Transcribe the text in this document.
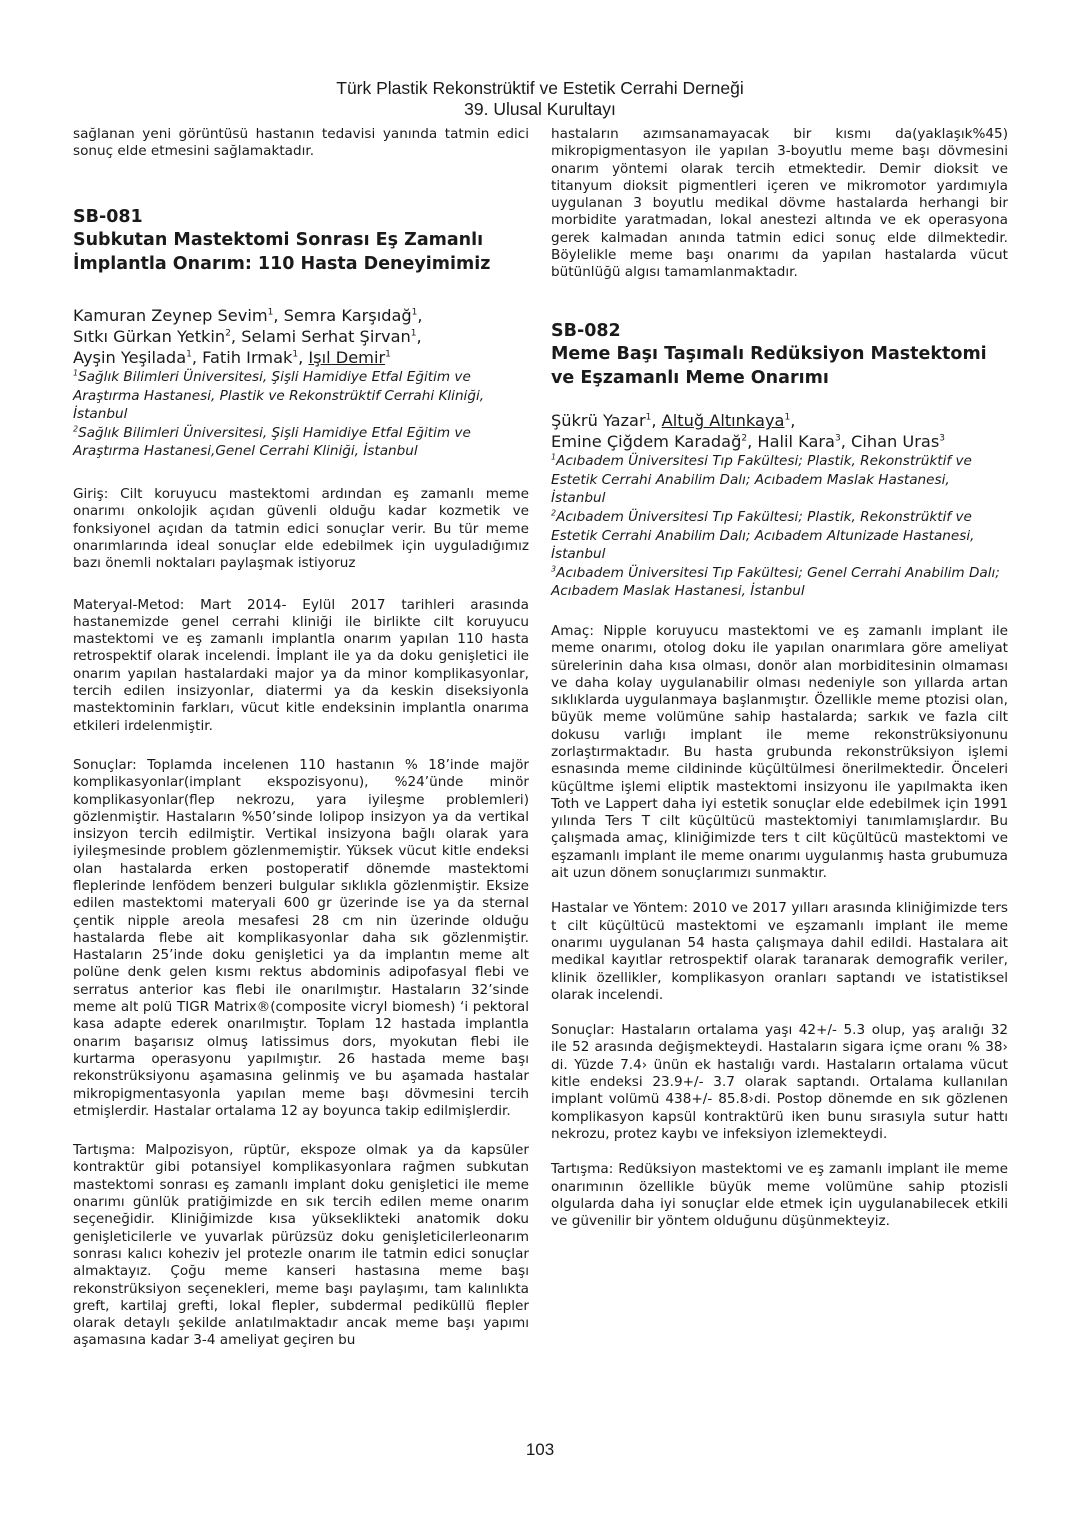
Türk Plastik Rekonstrüktif ve Estetik Cerrahi Derneği
39. Ulusal Kurultayı

sağlanan yeni görüntüsü hastanın tedavisi yanında tatmin edici sonuç elde etmesini sağlamaktadır.

SB-081

Subkutan Mastektomi Sonrası Eş Zamanlı İmplantla Onarım: 110 Hasta Deneyimimiz

Kamuran Zeynep Sevim$^1$, Semra Karşıdağ$^1$,
Sıtkı Gürkan Yetkin$^2$, Selami Serhat Şirvan$^1$,
Ayşin Yeşilada$^1$, Fatih Irmak$^1$, Işıl Demir$^1$

$^1$Sağlık Bilimleri Üniversitesi, Şişli Hamidiye Etfal Eğitim ve Araştırma Hastanesi, Plastik ve Rekonstrüktif Cerrahi Kliniği, İstanbul

$^2$Sağlık Bilimleri Üniversitesi, Şişli Hamidiye Etfal Eğitim ve Araştırma Hastanesi,Genel Cerrahi Kliniği, İstanbul

Giriş: Cilt koruyucu mastektomi ardından eş zamanlı meme onarımı onkolojik açıdan güvenli olduğu kadar kozmetik ve fonksiyonel açıdan da tatmin edici sonuçlar verir. Bu tür meme onarımlarında ideal sonuçlar elde edebilmek için uyguladığımız bazı önemli noktaları paylaşmak istiyoruz

Materyal-Metod: Mart 2014- Eylül 2017 tarihleri arasında hastanemizde genel cerrahi kliniği ile birlikte cilt koruyucu mastektomi ve eş zamanlı implantla onarım yapılan 110 hasta retrospektif olarak incelendi. İmplant ile ya da doku genişletici ile onarım yapılan hastalardaki major ya da minor komplikasyonlar, tercih edilen insizyonlar, diatermi ya da keskin diseksiyonla mastektominin farkları, vücut kitle endeksinin implantla onarıma etkileri irdelenmiştir.

Sonuçlar: Toplamda incelenen 110 hastanın % 18’inde majör komplikasyonlar(implant ekspozisyonu), %24’ünde minör komplikasyonlar(flep nekrozu, yara iyileşme problemleri) gözlenmiştir. Hastaların %50’sinde lolipop insizyon ya da vertikal insizyon tercih edilmiştir. Vertikal insizyona bağlı olarak yara iyileşmesinde problem gözlenmemiştir. Yüksek vücut kitle endeksi olan hastalarda erken postoperatif dönemde mastektomi fleplerinde lenfödem benzeri bulgular sıklıkla gözlenmiştir. Eksize edilen mastektomi materyali 600 gr üzerinde ise ya da sternal çentik nipple areola mesafesi 28 cm nin üzerinde olduğu hastalarda flebe ait komplikasyonlar daha sık gözlenmiştir. Hastaların 25’inde doku genişletici ya da implantın meme alt polüne denk gelen kısmı rektus abdominis adipofasyal flebi ve serratus anterior kas flebi ile onarılmıştır. Hastaların 32’sinde meme alt polü TIGR Matrix®(composite vicryl biomesh) ‘i pektoral kasa adapte ederek onarılmıştır. Toplam 12 hastada implantla onarım başarısız olmuş latissimus dors, myokutan flebi ile kurtarma operasyonu yapılmıştır. 26 hastada meme başı rekonstrüksiyonu aşamasına gelinmiş ve bu aşamada hastalar mikropigmentasyonla yapılan meme başı dövmesini tercih etmişlerdir. Hastalar ortalama 12 ay boyunca takip edilmişlerdir.

Tartışma: Malpozisyon, rüptür, ekspoze olmak ya da kapsüler kontraktür gibi potansiyel komplikasyonlara rağmen subkutan mastektomi sonrası eş zamanlı implant doku genişletici ile meme onarımı günlük pratiğimizde en sık tercih edilen meme onarım seçeneğidir. Kliniğimizde kısa yükseklikteki anatomik doku genişleticilerle ve yuvarlak pürüzsüz doku genişleticilerleonarım sonrası kalıcı koheziv jel protezle onarım ile tatmin edici sonuçlar almaktayız. Çoğu meme kanseri hastasına meme başı rekonstrüksiyon seçenekleri, meme başı paylaşımı, tam kalınlıkta greft, kartilaj grefti, lokal flepler, subdermal pediküllü flepler olarak detaylı şekilde anlatılmaktadır ancak meme başı yapımı aşamasına kadar 3-4 ameliyat geçiren bu

hastaların azımsanamayacak bir kısmı da(yaklaşık%45) mikropigmentasyon ile yapılan 3-boyutlu meme başı dövmesini onarım yöntemi olarak tercih etmektedir. Demir dioksit ve titanyum dioksit pigmentleri içeren ve mikromotor yardımıyla uygulanan 3 boyutlu medikal dövme hastalarda herhangi bir morbidite yaratmadan, lokal anestezi altında ve ek operasyona gerek kalmadan anında tatmin edici sonuç elde dilmektedir. Böylelikle meme başı onarımı da yapılan hastalarda vücut bütünlüğü algısı tamamlanmaktadır.

SB-082

Meme Başı Taşımalı Redüksiyon Mastektomi ve Eşzamanlı Meme Onarımı

Şükrü Yazar$^1$, Altuğ Altınkaya$^1$,
Emine Çiğdem Karadağ$^2$, Halil Kara$^3$, Cihan Uras$^3$

$^1$Acıbadem Üniversitesi Tıp Fakültesi; Plastik, Rekonstrüktif ve Estetik Cerrahi Anabilim Dalı; Acıbadem Maslak Hastanesi, İstanbul

$^2$Acıbadem Üniversitesi Tıp Fakültesi; Plastik, Rekonstrüktif ve Estetik Cerrahi Anabilim Dalı; Acıbadem Altunizade Hastanesi, İstanbul

$^3$Acıbadem Üniversitesi Tıp Fakültesi; Genel Cerrahi Anabilim Dalı; Acıbadem Maslak Hastanesi, İstanbul

Amaç: Nipple koruyucu mastektomi ve eş zamanlı implant ile meme onarımı, otolog doku ile yapılan onarımlara göre ameliyat sürelerinin daha kısa olması, donör alan morbiditesinin olmaması ve daha kolay uygulanabilir olması nedeniyle son yıllarda artan sıklıklarda uygulanmaya başlanmıştır. Özellikle meme ptozisi olan, büyük meme volümüne sahip hastalarda; sarkık ve fazla cilt dokusu varlığı implant ile meme rekonstrüksiyonunu zorlaştırmaktadır. Bu hasta grubunda rekonstrüksiyon işlemi esnasında meme cildininde küçültülmesi önerilmektedir. Önceleri küçültme işlemi eliptik mastektomi insizyonu ile yapılmakta iken Toth ve Lappert daha iyi estetik sonuçlar elde edebilmek için 1991 yılında Ters T cilt küçültücü mastektomiyi tanımlamışlardır. Bu çalışmada amaç, kliniğimizde ters t cilt küçültücü mastektomi ve eşzamanlı implant ile meme onarımı uygulanmış hasta grubumuza ait uzun dönem sonuçlarımızı sunmaktır.

Hastalar ve Yöntem: 2010 ve 2017 yılları arasında kliniğimizde ters t cilt küçültücü mastektomi ve eşzamanlı implant ile meme onarımı uygulanan 54 hasta çalışmaya dahil edildi. Hastalara ait medikal kayıtlar retrospektif olarak taranarak demografik veriler, klinik özellikler, komplikasyon oranları saptandı ve istatistiksel olarak incelendi.

Sonuçlar: Hastaların ortalama yaşı 42+/- 5.3 olup, yaş aralığı 32 ile 52 arasında değişmekteydi. Hastaların sigara içme oranı % 38› di. Yüzde 7.4› ünün ek hastalığı vardı. Hastaların ortalama vücut kitle endeksi 23.9+/- 3.7 olarak saptandı. Ortalama kullanılan implant volümü 438+/- 85.8›di. Postop dönemde en sık gözlenen komplikasyon kapsül kontraktürü iken bunu sırasıyla sutur hattı nekrozu, protez kaybı ve infeksiyon izlemekteydi.

Tartışma: Redüksiyon mastektomi ve eş zamanlı implant ile meme onarımının özellikle büyük meme volümüne sahip ptozisli olgularda daha iyi sonuçlar elde etmek için uygulanabilecek etkili ve güvenilir bir yöntem olduğunu düşünmekteyiz.

103
